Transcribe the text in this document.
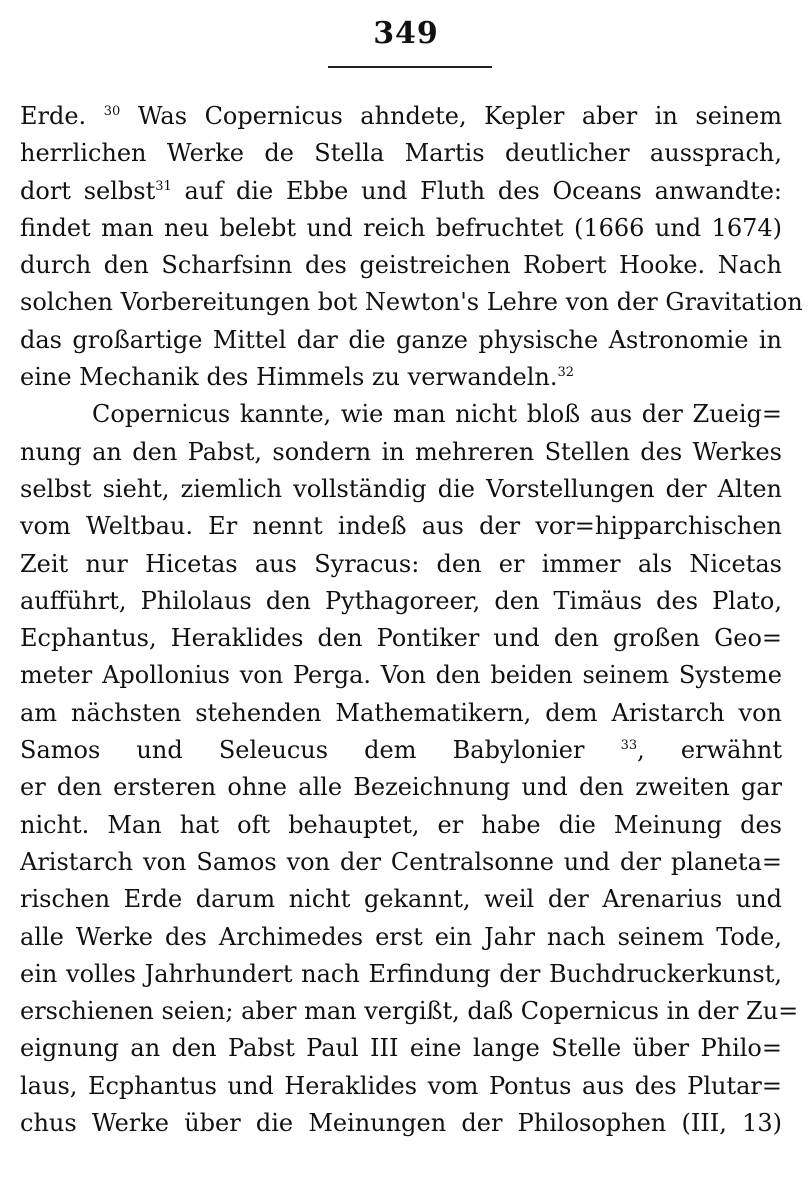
349
Erde. $^{30}$ Was Copernicus ahndete, Kepler aber in seinem
herrlichen Werke de Stella Martis deutlicher aussprach,
dort selbst$^{31}$ auf die Ebbe und Fluth des Oceans anwandte:
findet man neu belebt und reich befruchtet (1666 und 1674)
durch den Scharfsinn des geistreichen Robert Hooke. Nach
solchen Vorbereitungen bot Newton's Lehre von der Gravitation
das großartige Mittel dar die ganze physische Astronomie in
eine Mechanik des Himmels zu verwandeln.$^{32}$
Copernicus kannte, wie man nicht bloß aus der Zueig=
nung an den Pabst, sondern in mehreren Stellen des Werkes
selbst sieht, ziemlich vollständig die Vorstellungen der Alten
vom Weltbau. Er nennt indeß aus der vor=hipparchischen
Zeit nur Hicetas aus Syracus: den er immer als Nicetas
aufführt, Philolaus den Pythagoreer, den Timäus des Plato,
Ecphantus, Heraklides den Pontiker und den großen Geo=
meter Apollonius von Perga. Von den beiden seinem Systeme
am nächsten stehenden Mathematikern, dem Aristarch von
Samos und Seleucus dem Babylonier	$^{33}$, erwähnt
er den ersteren ohne alle Bezeichnung und den zweiten gar
nicht. Man hat oft behauptet, er habe die Meinung des
Aristarch von Samos von der Centralsonne und der planeta=
rischen Erde darum nicht gekannt, weil der Arenarius und
alle Werke des Archimedes erst ein Jahr nach seinem Tode,
ein volles Jahrhundert nach Erfindung der Buchdruckerkunst,
erschienen seien; aber man vergißt, daß Copernicus in der Zu=
eignung an den Pabst Paul III eine lange Stelle über Philo=
laus, Ecphantus und Heraklides vom Pontus aus des Plutar=
chus Werke über die Meinungen der Philosophen (III, 13)
